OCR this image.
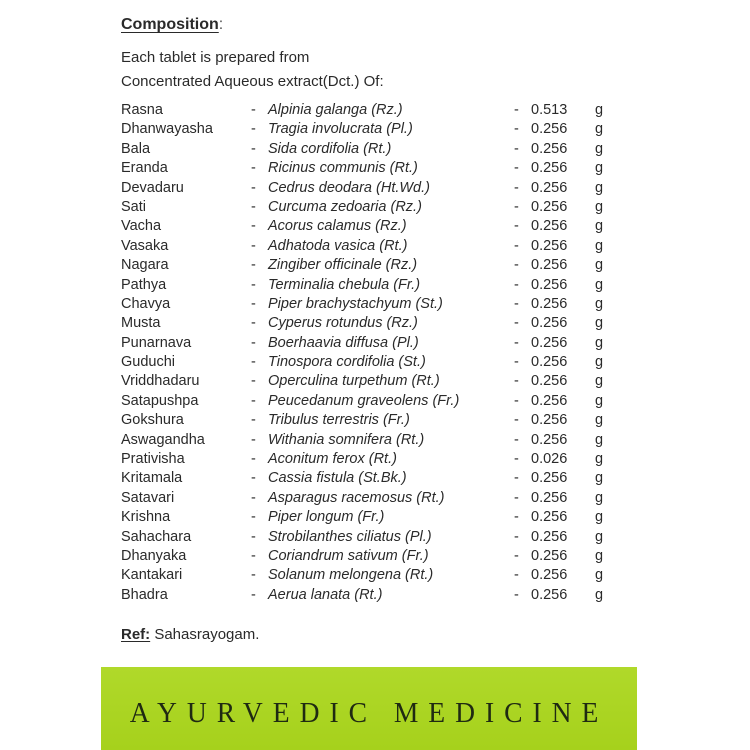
Composition:
Each tablet is prepared from
Concentrated Aqueous extract(Dct.) Of:
Rasna	- Alpinia galanga (Rz.)	- 0.513 g
Dhanwayasha	- Tragia involucrata (Pl.)	- 0.256 g
Bala	- Sida cordifolia (Rt.)	- 0.256 g
Eranda	- Ricinus communis (Rt.)	- 0.256 g
Devadaru	- Cedrus deodara (Ht.Wd.)	- 0.256 g
Sati	- Curcuma zedoaria (Rz.)	- 0.256 g
Vacha	- Acorus calamus (Rz.)	- 0.256 g
Vasaka	- Adhatoda vasica (Rt.)	- 0.256 g
Nagara	- Zingiber officinale (Rz.)	- 0.256 g
Pathya	- Terminalia chebula (Fr.)	- 0.256 g
Chavya	- Piper brachystachyum (St.)	- 0.256 g
Musta	- Cyperus rotundus (Rz.)	- 0.256 g
Punarnava	- Boerhaavia diffusa (Pl.)	- 0.256 g
Guduchi	- Tinospora cordifolia (St.)	- 0.256 g
Vriddhadaru	- Operculina turpethum (Rt.)	- 0.256 g
Satapushpa	- Peucedanum graveolens (Fr.)	- 0.256 g
Gokshura	- Tribulus terrestris (Fr.)	- 0.256 g
Aswagandha	- Withania somnifera (Rt.)	- 0.256 g
Prativisha	- Aconitum ferox (Rt.)	- 0.026 g
Kritamala	- Cassia fistula (St.Bk.)	- 0.256 g
Satavari	- Asparagus racemosus (Rt.)	- 0.256 g
Krishna	- Piper longum (Fr.)	- 0.256 g
Sahachara	- Strobilanthes ciliatus (Pl.)	- 0.256 g
Dhanyaka	- Coriandrum sativum (Fr.)	- 0.256 g
Kantakari	- Solanum melongena (Rt.)	- 0.256 g
Bhadra	- Aerua lanata (Rt.)	- 0.256 g
Ref: Sahasrayogam.
AYURVEDIC MEDICINE
